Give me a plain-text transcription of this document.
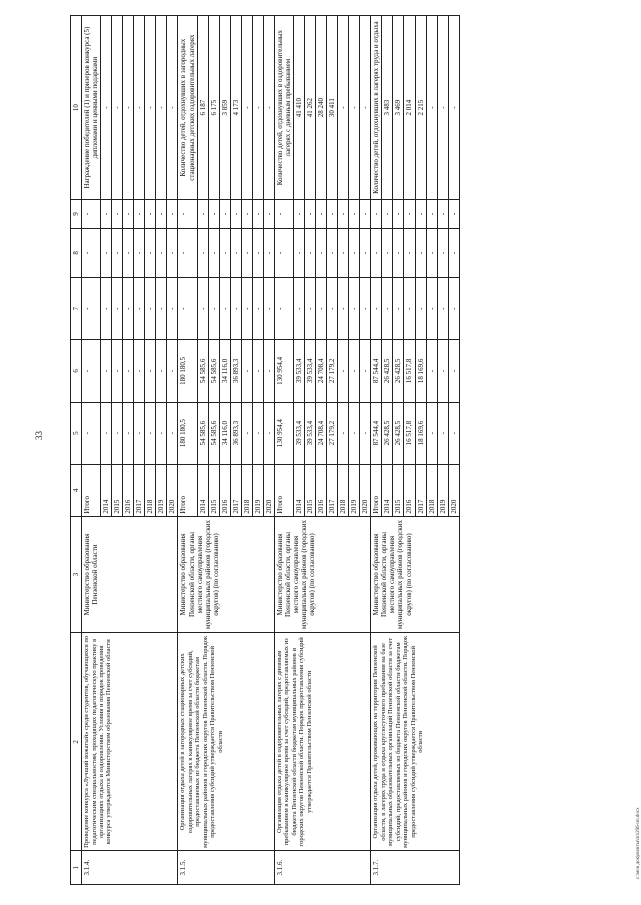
33
1	2	3	4	5	6	7	8	9	10
3.1.4.	Проведение конкурса «Лучший вожатый» среди студентов, обучающихся по педагогическим специальностям, проходящих педагогическую практику в организациях отдыха и оздоровления. Условия и порядок проведения конкурса утверждаются Министерством образования Пензенской области	Министерство образования Пензенской области	Итого	-	-	-	-	-	Награждение победителей (1) и призеров конкурса (5) дипломами и ценными подарками
			2014	-	-	-	-	-	-
			2015	-	-	-	-	-	-
			2016	-	-	-	-	-	-
			2017	-	-	-	-	-	-
			2018	-	-	-	-	-	-
			2019	-	-	-	-	-	-
			2020	-	-	-	-	-	-
3.1.5.	Организация отдыха детей в загородных стационарных детских оздоровительных лагерях в каникулярное время за счет субсидий, предоставляемых из бюджета Пензенской области бюджетам муниципальных районов и городских округов Пензенской области. Порядок предоставления субсидий утверждается Правительством Пензенской области	Министерство образования Пензенской области, органы местного самоуправления муниципальных районов (городских округов) (по согласованию)	Итого	180 180,5	180 180,5	-	-	-	Количество детей, отдохнувших в загородных стационарных детских оздоровительных лагерях
			2014	54 585,6	54 585,6	-	-	-	6 187
			2015	54 585,6	54 585,6	-	-	-	6 175
			2016	34 116,0	34 116,0	-	-	-	3 859
			2017	36 893,3	36 893,3	-	-	-	4 173
			2018	-	-	-	-	-	-
			2019	-	-	-	-	-	-
			2020	-	-	-	-	-	-
3.1.6.	Организация отдыха детей в оздоровительных лагерях с дневным пребыванием в каникулярное время за счет субсидий, предоставляемых из бюджета Пензенской области бюджетам муниципальных районов и городских округов Пензенской области. Порядок предоставления субсидий утверждается Правительством Пензенской области	Министерство образования Пензенской области, органы местного самоуправления муниципальных районов (городских округов) (по согласованию)	Итого	130 954,4	130 954,4	-	-	-	Количество детей, отдохнувших в оздоровительных лагерях с дневным пребыванием
			2014	39 533,4	39 533,4	-	-	-	41 410
			2015	39 533,4	39 533,4	-	-	-	41 262
			2016	24 708,4	24 708,4	-	-	-	28 240
			2017	27 179,2	27 179,2	-	-	-	30 411
			2018	-	-	-	-	-	-
			2019	-	-	-	-	-	-
			2020	-	-	-	-	-	-
3.1.7.	Организация отдыха детей, проживающих на территории Пензенской области, в лагерях труда и отдыха круглосуточного пребывания на базе муниципальных образовательных организаций Пензенской области за счет субсидий, предоставляемых из бюджета Пензенской области бюджетам муниципальных районов и городских округов Пензенской области. Порядок предоставления субсидий утверждается Правительством Пензенской области	Министерство образования Пензенской области, органы местного самоуправления муниципальных районов (городских округов) (по согласованию)	Итого	87 544,4	87 544,4	-	-	-	Количество детей, отдохнувших в лагерях труда и отдыха
			2014	26 428,5	26 428,5	-	-	-	3 483
			2015	26 428,5	26 428,5	-	-	-	3 469
			2016	16 517,8	16 517,8	-	-	-	2 014
			2017	18 169,6	18 169,6	-	-	-	2 215
			2018	-	-	-	-	-	-
			2019	-	-	-	-	-	-
			2020	-	-	-	-	-	-
c:\мои документы\пп\296-пп.docx
